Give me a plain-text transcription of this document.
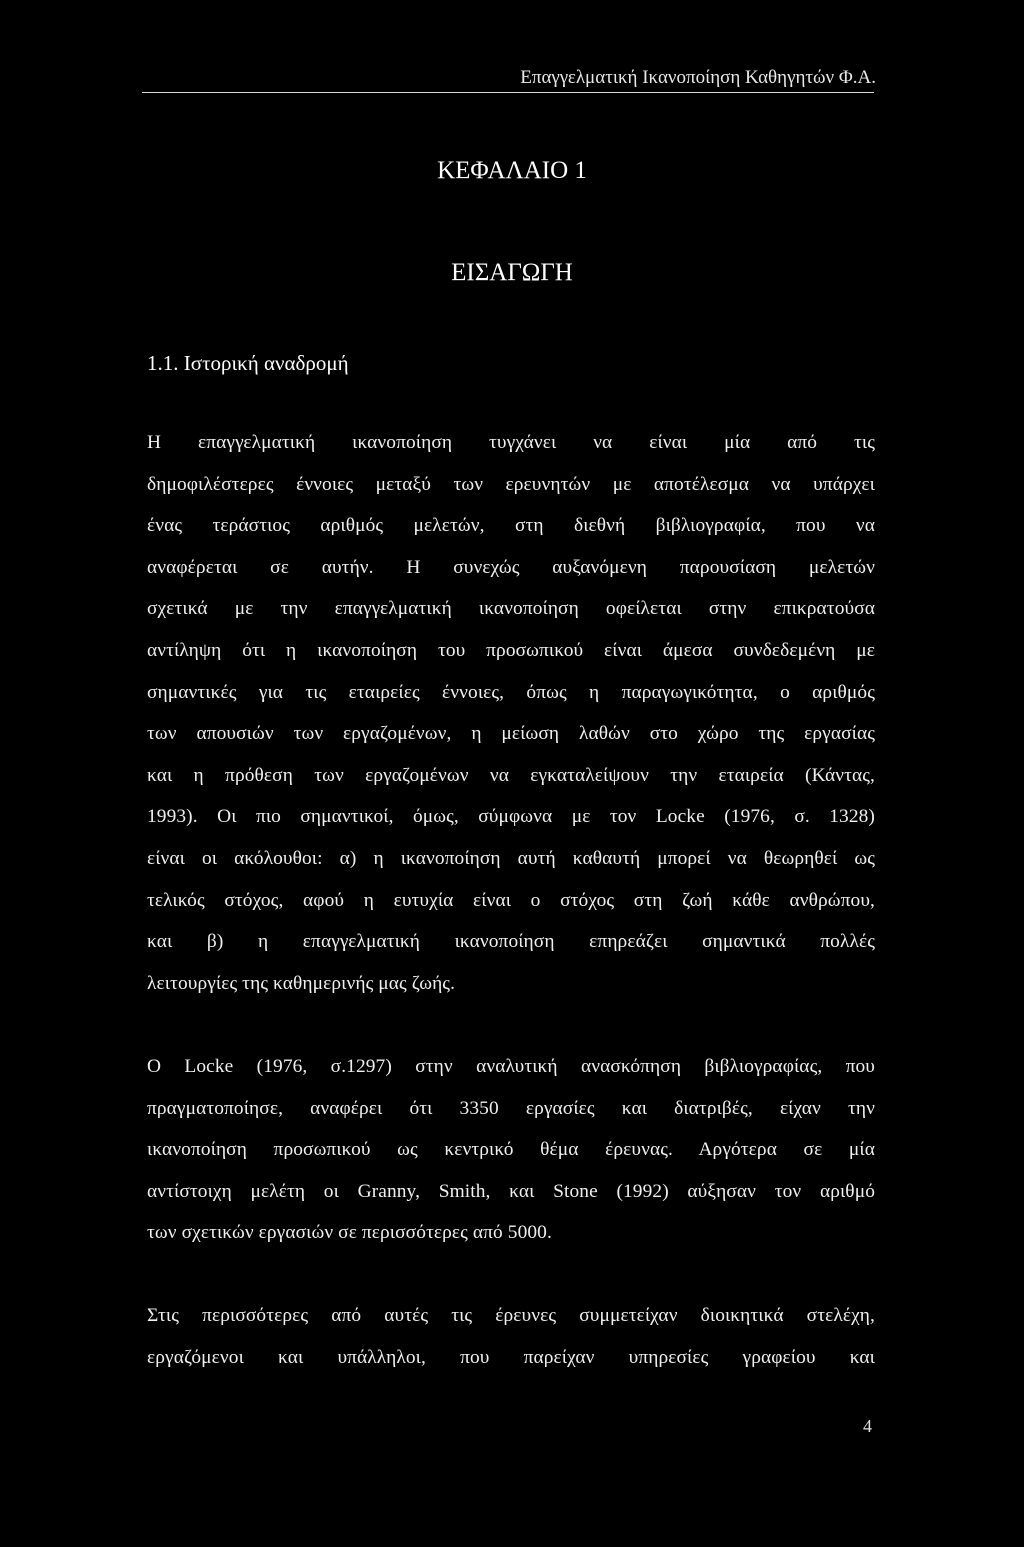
Επαγγελματική Ικανοποίηση Καθηγητών Φ.Α.
ΚΕΦΑΛΑΙΟ 1
ΕΙΣΑΓΩΓΗ
1.1. Ιστορική αναδρομή
Η επαγγελματική ικανοποίηση τυγχάνει να είναι μία από τις
δημοφιλέστερες έννοιες μεταξύ των ερευνητών με αποτέλεσμα να υπάρχει
ένας τεράστιος αριθμός μελετών, στη διεθνή βιβλιογραφία, που να
αναφέρεται σε αυτήν. Η συνεχώς αυξανόμενη παρουσίαση μελετών
σχετικά με την επαγγελματική ικανοποίηση οφείλεται στην επικρατούσα
αντίληψη ότι η ικανοποίηση του προσωπικού είναι άμεσα συνδεδεμένη με
σημαντικές για τις εταιρείες έννοιες, όπως η παραγωγικότητα, ο αριθμός
των απουσιών των εργαζομένων, η μείωση λαθών στο χώρο της εργασίας
και η πρόθεση των εργαζομένων να εγκαταλείψουν την εταιρεία (Κάντας,
1993). Οι πιο σημαντικοί, όμως, σύμφωνα με τον Locke (1976, σ. 1328)
είναι οι ακόλουθοι: α) η ικανοποίηση αυτή καθαυτή μπορεί να θεωρηθεί ως
τελικός στόχος, αφού η ευτυχία είναι ο στόχος στη ζωή κάθε ανθρώπου,
και β) η επαγγελματική ικανοποίηση επηρεάζει σημαντικά πολλές
λειτουργίες της καθημερινής μας ζωής.
Ο Locke (1976, σ.1297) στην αναλυτική ανασκόπηση βιβλιογραφίας, που
πραγματοποίησε, αναφέρει ότι 3350 εργασίες και διατριβές, είχαν την
ικανοποίηση προσωπικού ως κεντρικό θέμα έρευνας. Αργότερα σε μία
αντίστοιχη μελέτη οι Granny, Smith, και Stone (1992) αύξησαν τον αριθμό
των σχετικών εργασιών σε περισσότερες από 5000.
Στις περισσότερες από αυτές τις έρευνες συμμετείχαν διοικητικά στελέχη,
εργαζόμενοι και υπάλληλοι, που παρείχαν υπηρεσίες γραφείου και
4
